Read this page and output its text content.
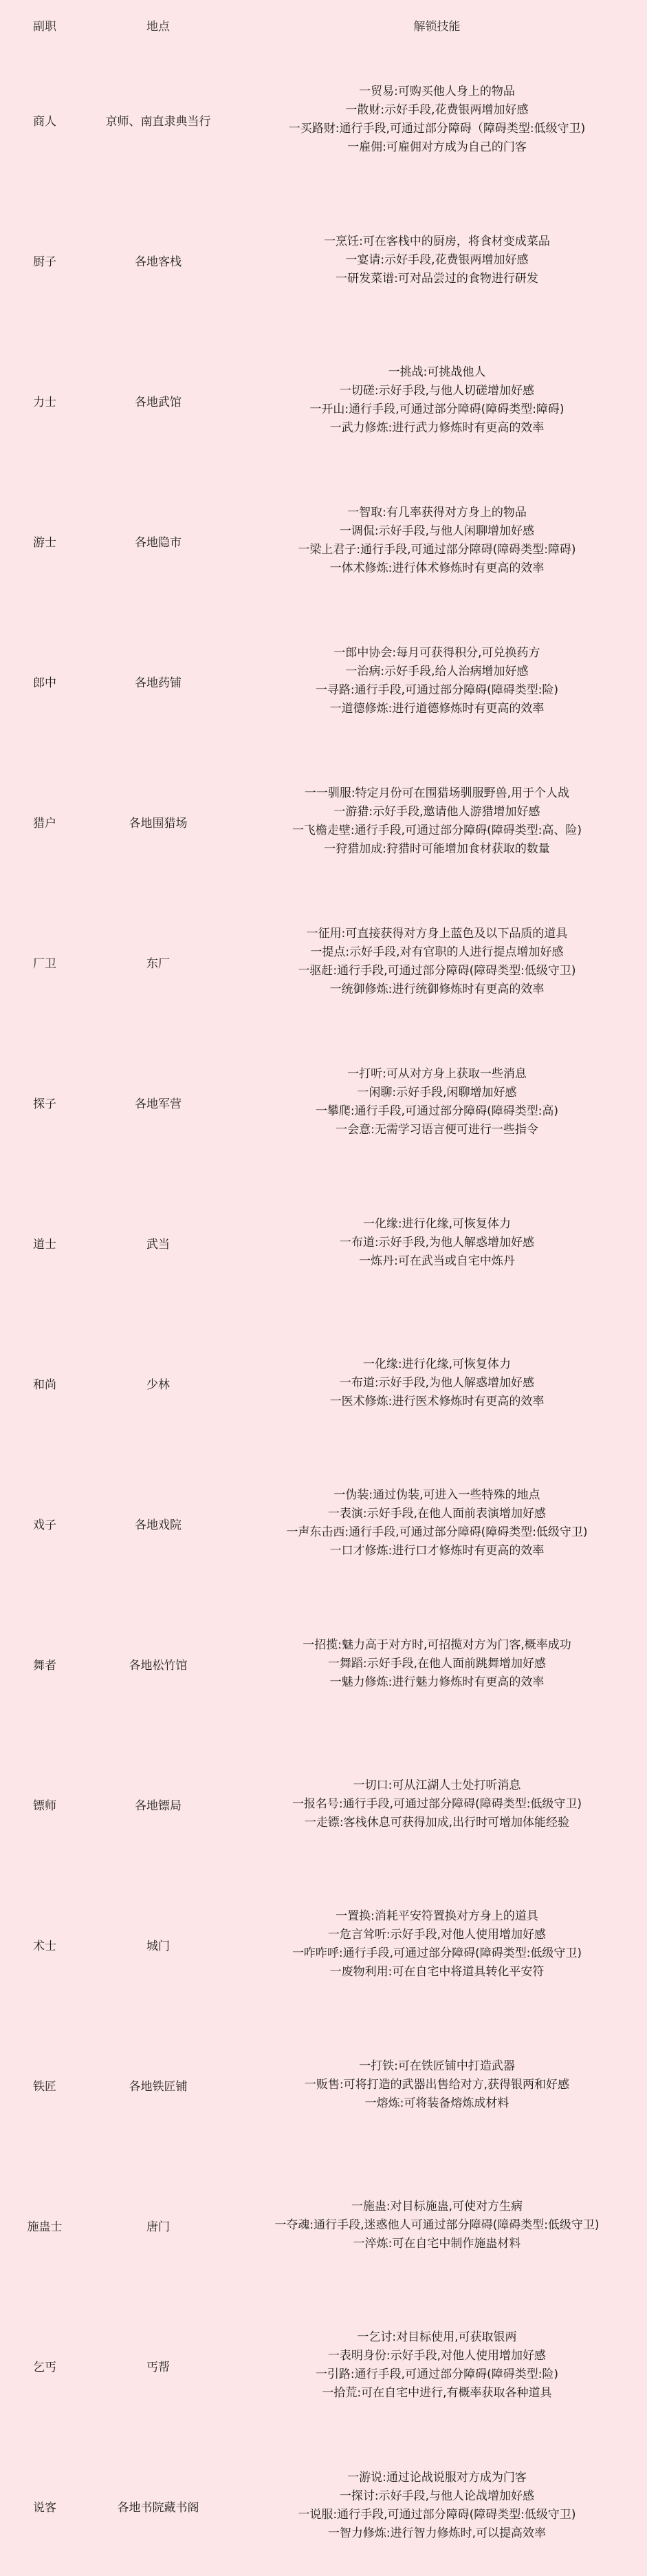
副职	地点	解锁技能
商人	京师、南直隶典当行
一贸易:可购买他人身上的物品
一散财:示好手段,花费银两增加好感
一买路财:通行手段,可通过部分障碍（障碍类型:低级守卫)
一雇佣:可雇佣对方成为自己的门客
厨子	各地客栈
一烹饪:可在客栈中的厨房，将食材变成菜品
一宴请:示好手段,花费银两增加好感
一研发菜谱:可对品尝过的食物进行研发
力士	各地武馆
一挑战:可挑战他人
一切磋:示好手段,与他人切磋增加好感
一开山:通行手段,可通过部分障碍(障碍类型:障碍)
一武力修炼:进行武力修炼时有更高的效率
游士	各地隐市
一智取:有几率获得对方身上的物品
一调侃:示好手段,与他人闲聊增加好感
一梁上君子:通行手段,可通过部分障碍(障碍类型:障碍)
一体术修炼:进行体术修炼时有更高的效率
郎中	各地药铺
一郎中协会:每月可获得积分,可兑换药方
一治病:示好手段,给人治病增加好感
一寻路:通行手段,可通过部分障碍(障碍类型:险)
一道德修炼:进行道德修炼时有更高的效率
猎户	各地围猎场
一一驯服:特定月份可在围猎场驯服野兽,用于个人战
一游猎:示好手段,邀请他人游猎增加好感
一飞檐走壁:通行手段,可通过部分障碍(障碍类型:高、险)
一狩猎加成:狩猎时可能增加食材获取的数量
厂卫	东厂
一征用:可直接获得对方身上蓝色及以下品质的道具
一提点:示好手段,对有官职的人进行提点增加好感
一驱赶:通行手段,可通过部分障碍(障碍类型:低级守卫)
一统御修炼:进行统御修炼时有更高的效率
探子	各地军营
一打听:可从对方身上获取一些消息
一闲聊:示好手段,闲聊增加好感
一攀爬:通行手段,可通过部分障碍(障碍类型:高)
一会意:无需学习语言便可进行一些指令
道士	武当
一化缘:进行化缘,可恢复体力
一布道:示好手段,为他人解惑增加好感
一炼丹:可在武当或自宅中炼丹
和尚	少林
一化缘:进行化缘,可恢复体力
一布道:示好手段,为他人解惑增加好感
一医术修炼:进行医术修炼时有更高的效率
戏子	各地戏院
一伪装:通过伪装,可进入一些特殊的地点
一表演:示好手段,在他人面前表演增加好感
一声东击西:通行手段,可通过部分障碍(障碍类型:低级守卫)
一口才修炼:进行口才修炼时有更高的效率
舞者	各地松竹馆
一招揽:魅力高于对方时,可招揽对方为门客,概率成功
一舞蹈:示好手段,在他人面前跳舞增加好感
一魅力修炼:进行魅力修炼时有更高的效率
镖师	各地镖局
一切口:可从江湖人士处打听消息
一报名号:通行手段,可通过部分障碍(障碍类型:低级守卫)
一走镖:客栈休息可获得加成,出行时可增加体能经验
术士	城门
一置换:消耗平安符置换对方身上的道具
一危言耸听:示好手段,对他人使用增加好感
一咋咋呼:通行手段,可通过部分障碍(障碍类型:低级守卫)
一废物利用:可在自宅中将道具转化平安符
铁匠	各地铁匠铺
一打铁:可在铁匠铺中打造武器
一贩售:可将打造的武器出售给对方,获得银两和好感
一熔炼:可将装备熔炼成材料
施蛊士	唐门
一施蛊:对目标施蛊,可使对方生病
一夺魂:通行手段,迷惑他人可通过部分障碍(障碍类型:低级守卫)
一淬炼:可在自宅中制作施蛊材料
乞丐	丐帮
一乞讨:对目标使用,可获取银两
一表明身份:示好手段,对他人使用增加好感
一引路:通行手段,可通过部分障碍(障碍类型:险)
一拾荒:可在自宅中进行,有概率获取各种道具
说客	各地书院藏书阁
一游说:通过论战说服对方成为门客
一探讨:示好手段,与他人论战增加好感
一说服:通行手段,可通过部分障碍(障碍类型:低级守卫)
一智力修炼:进行智力修炼时,可以提高效率
